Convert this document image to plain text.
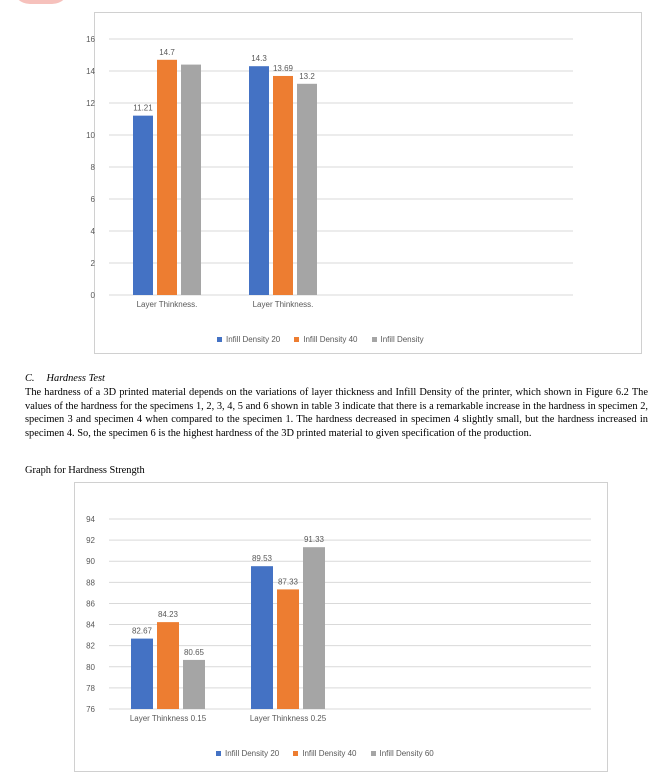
0
2
4
6
8
10
12
14
16
11.21
14.7
Layer Thinkness.
14.3
13.69
13.2
Layer Thinkness.
Infill Density 20	Infill Density 40	Infill Density
C. Hardness Test
The hardness of a 3D printed material depends on the variations of layer thickness and Infill Density of the printer, which shown in Figure 6.2 The values of the hardness for the specimens 1, 2, 3, 4, 5 and 6 shown in table 3 indicate that there is a remarkable increase in the hardness in specimen 2, specimen 3 and specimen 4 when compared to the specimen 1. The hardness decreased in specimen 4 slightly small, but the hardness increased in specimen 4. So, the specimen 6 is the highest hardness of the 3D printed material to given specification of the production.
Graph for Hardness Strength
76
78
80
82
84
86
88
90
92
94
82.67
84.23
80.65
Layer Thinkness 0.15
89.53
87.33
91.33
Layer Thinkness 0.25
Infill Density 20	Infill Density 40	Infill Density 60
